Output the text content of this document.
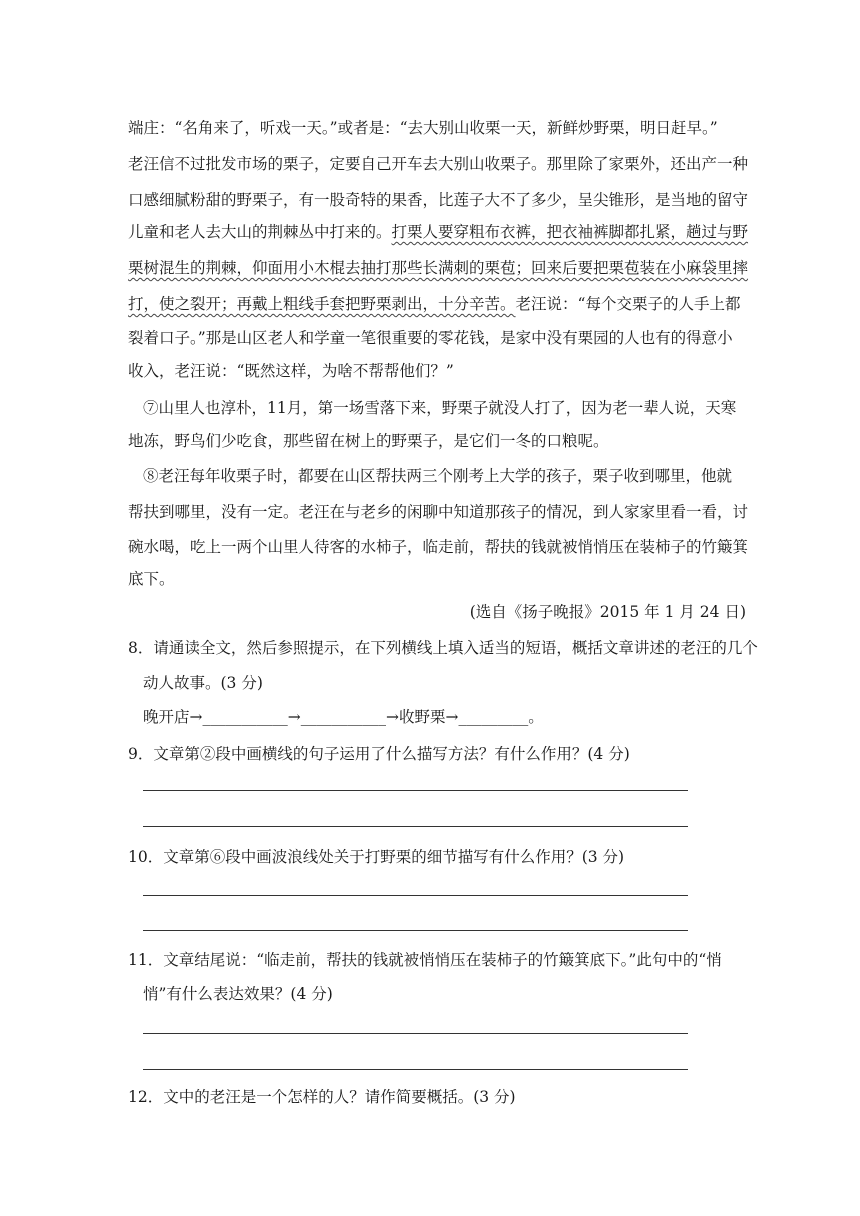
端庄：“名角来了，听戏一天。”或者是：“去大别山收栗一天，新鲜炒野栗，明日赶早。”
老汪信不过批发市场的栗子，定要自己开车去大别山收栗子。那里除了家栗外，还出产一种
口感细腻粉甜的野栗子，有一股奇特的果香，比莲子大不了多少，呈尖锥形，是当地的留守
儿童和老人去大山的荆棘丛中打来的。打栗人要穿粗布衣裤，把衣袖裤脚都扎紧，趟过与野
栗树混生的荆棘，仰面用小木棍去抽打那些长满刺的栗苞；回来后要把栗苞装在小麻袋里摔
打，使之裂开；再戴上粗线手套把野栗剥出，十分辛苦。老汪说：“每个交栗子的人手上都
裂着口子。”那是山区老人和学童一笔很重要的零花钱，是家中没有栗园的人也有的得意小
收入，老汪说：“既然这样，为啥不帮帮他们？”
⑦山里人也淳朴，11月，第一场雪落下来，野栗子就没人打了，因为老一辈人说，天寒
地冻，野鸟们少吃食，那些留在树上的野栗子，是它们一冬的口粮呢。
⑧老汪每年收栗子时，都要在山区帮扶两三个刚考上大学的孩子，栗子收到哪里，他就
帮扶到哪里，没有一定。老汪在与老乡的闲聊中知道那孩子的情况，到人家家里看一看，讨
碗水喝，吃上一两个山里人待客的水柿子，临走前，帮扶的钱就被悄悄压在装柿子的竹簸箕
底下。
(选自《扬子晚报》2015 年 1 月 24 日)
8．请通读全文，然后参照提示，在下列横线上填入适当的短语，概括文章讲述的老汪的几个
动人故事。(3 分)
晚开店→___________→___________→收野栗→_________。
9．文章第②段中画横线的句子运用了什么描写方法？有什么作用？(4 分)
10．文章第⑥段中画波浪线处关于打野栗的细节描写有什么作用？(3 分)
11．文章结尾说：“临走前，帮扶的钱就被悄悄压在装柿子的竹簸箕底下。”此句中的“悄
悄”有什么表达效果？(4 分)
12．文中的老汪是一个怎样的人？请作简要概括。(3 分)
